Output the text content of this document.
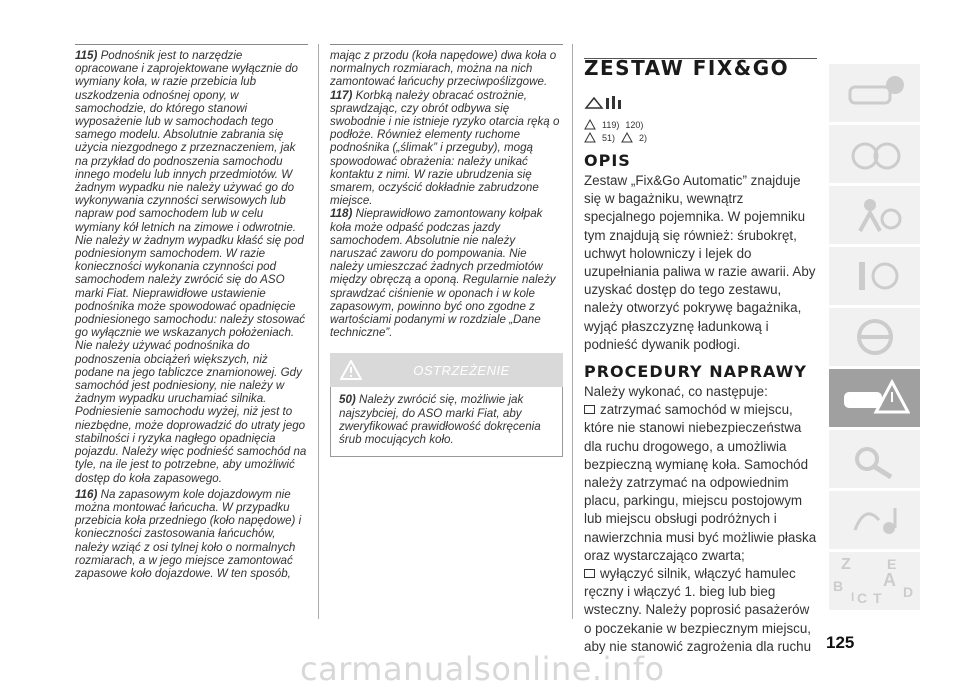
115) Podnośnik jest to narzędzie opracowane i zaprojektowane wyłącznie do wymiany koła, w razie przebicia lub uszkodzenia odnośnej opony, w samochodzie, do którego stanowi wyposażenie lub w samochodach tego samego modelu. Absolutnie zabrania się użycia niezgodnego z przeznaczeniem, jak na przykład do podnoszenia samochodu innego modelu lub innych przedmiotów. W żadnym wypadku nie należy używać go do wykonywania czynności serwisowych lub napraw pod samochodem lub w celu wymiany kół letnich na zimowe i odwrotnie. Nie należy w żadnym wypadku kłaść się pod podniesionym samochodem. W razie konieczności wykonania czynności pod samochodem należy zwrócić się do ASO marki Fiat. Nieprawidłowe ustawienie podnośnika może spowodować opadnięcie podniesionego samochodu: należy stosować go wyłącznie we wskazanych położeniach. Nie należy używać podnośnika do podnoszenia obciążeń większych, niż podane na jego tabliczce znamionowej. Gdy samochód jest podniesiony, nie należy w żadnym wypadku uruchamiać silnika. Podniesienie samochodu wyżej, niż jest to niezbędne, może doprowadzić do utraty jego stabilności i ryzyka nagłego opadnięcia pojazdu. Należy więc podnieść samochód na tyle, na ile jest to potrzebne, aby umożliwić dostęp do koła zapasowego.

116) Na zapasowym kole dojazdowym nie można montować łańcucha. W przypadku przebicia koła przedniego (koło napędowe) i konieczności zastosowania łańcuchów, należy wziąć z osi tylnej koło o normalnych rozmiarach, a w jego miejsce zamontować zapasowe koło dojazdowe. W ten sposób,

mając z przodu (koła napędowe) dwa koła o normalnych rozmiarach, można na nich zamontować łańcuchy przeciwpoślizgowe.

117) Korbką należy obracać ostrożnie, sprawdzając, czy obrót odbywa się swobodnie i nie istnieje ryzyko otarcia ręką o podłoże. Również elementy ruchome podnośnika („ślimak” i przeguby), mogą spowodować obrażenia: należy unikać kontaktu z nimi. W razie ubrudzenia się smarem, oczyścić dokładnie zabrudzone miejsce.

118) Nieprawidłowo zamontowany kołpak koła może odpaść podczas jazdy samochodem. Absolutnie nie należy naruszać zaworu do pompowania. Nie należy umieszczać żadnych przedmiotów między obręczą a oponą. Regularnie należy sprawdzać ciśnienie w oponach i w kole zapasowym, powinno być ono zgodne z wartościami podanymi w rozdziale „Dane techniczne”.

OSTRZEŻENIE

50) Należy zwrócić się, możliwie jak najszybciej, do ASO marki Fiat, aby zweryfikować prawidłowość dokręcenia śrub mocujących koło.

ZESTAW FIX&GO
119) 120)
51)	2)
OPIS

Zestaw „Fix&Go Automatic” znajduje się w bagażniku, wewnątrz specjalnego pojemnika. W pojemniku tym znajdują się również: śrubokręt, uchwyt holowniczy i lejek do uzupełniania paliwa w razie awarii. Aby uzyskać dostęp do tego zestawu, należy otworzyć pokrywę bagażnika, wyjąć płaszczyznę ładunkową i podnieść dywanik podłogi.

PROCEDURY NAPRAWY

Należy wykonać, co następuje:

zatrzymać samochód w miejscu, które nie stanowi niebezpieczeństwa dla ruchu drogowego, a umożliwia bezpieczną wymianę koła. Samochód należy zatrzymać na odpowiednim placu, parkingu, miejscu postojowym lub miejscu obsługi podróżnych i nawierzchnia musi być możliwie płaska oraz wystarczająco zwarta;

wyłączyć silnik, włączyć hamulec ręczny i włączyć 1. bieg lub bieg wsteczny. Należy poprosić pasażerów o poczekanie w bezpiecznym miejscu, aby nie stanowić zagrożenia dla ruchu

Z	E
B A
I C T D
125
carmanualsonline.info
